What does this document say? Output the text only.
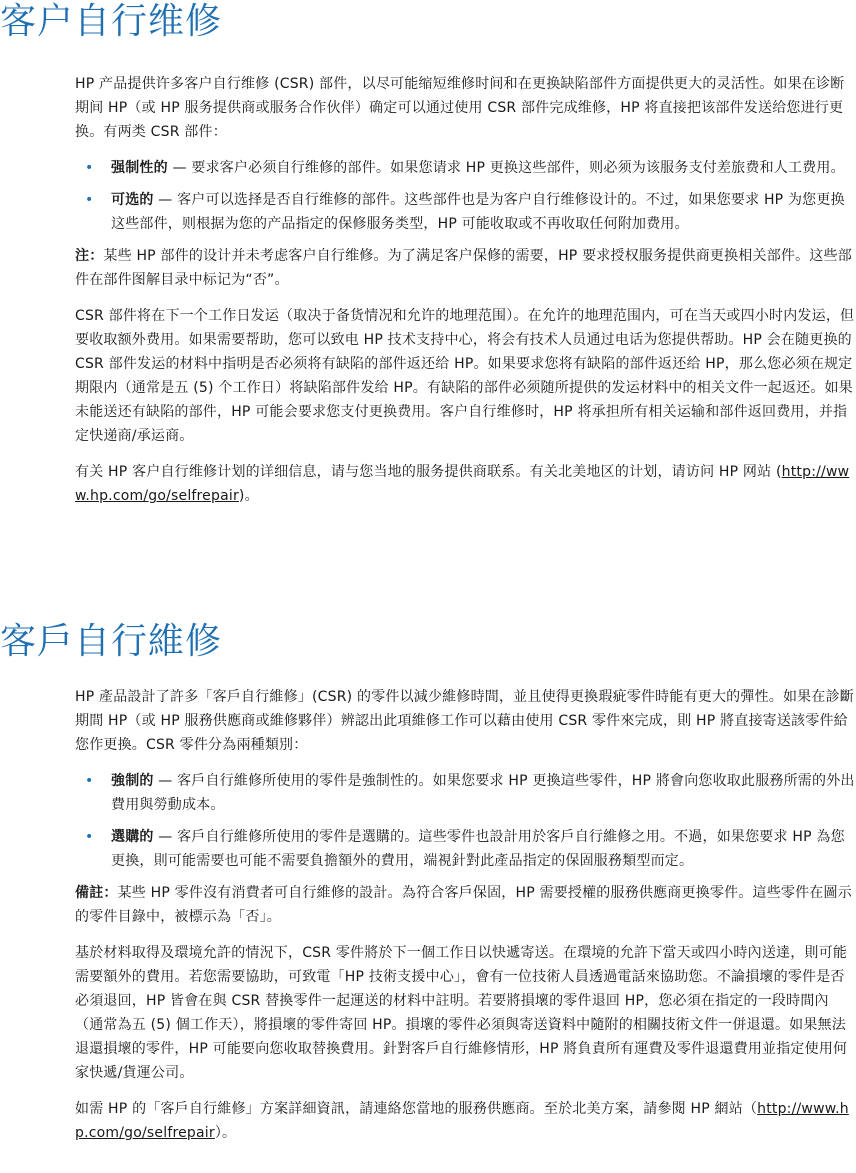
客户自行维修

HP 产品提供许多客户自行维修 (CSR) 部件，以尽可能缩短维修时间和在更换缺陷部件方面提供更大的灵活性。如果在诊断期间 HP（或 HP 服务提供商或服务合作伙伴）确定可以通过使用 CSR 部件完成维修，HP 将直接把该部件发送给您进行更换。有两类 CSR 部件：

• 强制性的 — 要求客户必须自行维修的部件。如果您请求 HP 更换这些部件，则必须为该服务支付差旅费和人工费用。
• 可选的 — 客户可以选择是否自行维修的部件。这些部件也是为客户自行维修设计的。不过，如果您要求 HP 为您更换这些部件，则根据为您的产品指定的保修服务类型，HP 可能收取或不再收取任何附加费用。

注：某些 HP 部件的设计并未考虑客户自行维修。为了满足客户保修的需要，HP 要求授权服务提供商更换相关部件。这些部件在部件图解目录中标记为“否”。

CSR 部件将在下一个工作日发运（取决于备货情况和允许的地理范围）。在允许的地理范围内，可在当天或四小时内发运，但要收取额外费用。如果需要帮助，您可以致电 HP 技术支持中心，将会有技术人员通过电话为您提供帮助。HP 会在随更换的 CSR 部件发运的材料中指明是否必须将有缺陷的部件返还给 HP。如果要求您将有缺陷的部件返还给 HP，那么您必须在规定期限内（通常是五 (5) 个工作日）将缺陷部件发给 HP。有缺陷的部件必须随所提供的发运材料中的相关文件一起返还。如果未能送还有缺陷的部件，HP 可能会要求您支付更换费用。客户自行维修时，HP 将承担所有相关运输和部件返回费用，并指定快递商/承运商。

有关 HP 客户自行维修计划的详细信息，请与您当地的服务提供商联系。有关北美地区的计划，请访问 HP 网站 (http://www.hp.com/go/selfrepair)。

客戶自行維修

HP 產品設計了許多「客戶自行維修」(CSR) 的零件以減少維修時間，並且使得更換瑕疵零件時能有更大的彈性。如果在診斷期間 HP（或 HP 服務供應商或維修夥伴）辨認出此項維修工作可以藉由使用 CSR 零件來完成，則 HP 將直接寄送該零件給您作更換。CSR 零件分為兩種類別：

• 強制的 — 客戶自行維修所使用的零件是強制性的。如果您要求 HP 更換這些零件，HP 將會向您收取此服務所需的外出費用與勞動成本。
• 選購的 — 客戶自行維修所使用的零件是選購的。這些零件也設計用於客戶自行維修之用。不過，如果您要求 HP 為您更換，則可能需要也可能不需要負擔額外的費用，端視針對此產品指定的保固服務類型而定。

備註：某些 HP 零件沒有消費者可自行維修的設計。為符合客戶保固，HP 需要授權的服務供應商更換零件。這些零件在圖示的零件目錄中，被標示為「否」。

基於材料取得及環境允許的情況下，CSR 零件將於下一個工作日以快遞寄送。在環境的允許下當天或四小時內送達，則可能需要額外的費用。若您需要協助，可致電「HP 技術支援中心」，會有一位技術人員透過電話來協助您。不論損壞的零件是否必須退回，HP 皆會在與 CSR 替換零件一起運送的材料中註明。若要將損壞的零件退回 HP，您必須在指定的一段時間內（通常為五 (5) 個工作天），將損壞的零件寄回 HP。損壞的零件必須與寄送資料中隨附的相關技術文件一併退還。如果無法退還損壞的零件，HP 可能要向您收取替換費用。針對客戶自行維修情形，HP 將負責所有運費及零件退還費用並指定使用何家快遞/貨運公司。

如需 HP 的「客戶自行維修」方案詳細資訊，請連絡您當地的服務供應商。至於北美方案，請參閱 HP 網站（http://www.hp.com/go/selfrepair）。
